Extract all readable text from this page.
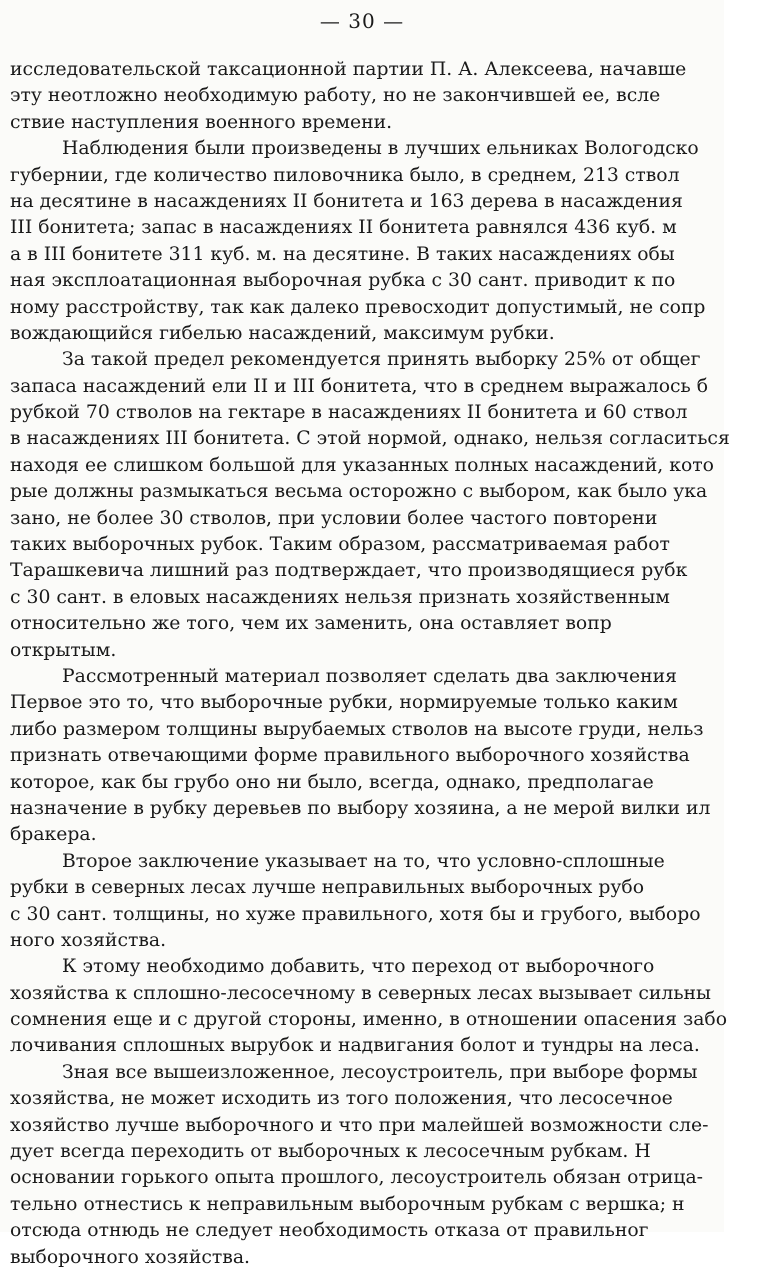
— 30 —
исследовательской таксационной партии П. А. Алексеева, начавше
эту неотложно необходимую работу, но не закончившей ее, всле
ствие наступления военного времени.
Наблюдения были произведены в лучших ельниках Вологодско
губернии, где количество пиловочника было, в среднем, 213 ствол
на десятине в насаждениях II бонитета и 163 дерева в насаждения
III бонитета; запас в насаждениях II бонитета равнялся 436 куб. м
а в III бонитете 311 куб. м. на десятине. В таких насаждениях обы
ная эксплоатационная выборочная рубка с 30 сант. приводит к по
ному расстройству, так как далеко превосходит допустимый, не сопр
вождающийся гибелью насаждений, максимум рубки.
За такой предел рекомендуется принять выборку 25% от общег
запаса насаждений ели II и III бонитета, что в среднем выражалось б
рубкой 70 стволов на гектаре в насаждениях II бонитета и 60 ствол
в насаждениях III бонитета. С этой нормой, однако, нельзя согласиться
находя ее слишком большой для указанных полных насаждений, кото
рые должны размыкаться весьма осторожно с выбором, как было ука
зано, не более 30 стволов, при условии более частого повторени
таких выборочных рубок. Таким образом, рассматриваемая работ
Тарашкевича лишний раз подтверждает, что производящиеся рубк
с 30 сант. в еловых насаждениях нельзя признать хозяйственным
относительно же того, чем их заменить, она оставляет вопр
открытым.
Рассмотренный материал позволяет сделать два заключения
Первое это то, что выборочные рубки, нормируемые только каким
либо размером толщины вырубаемых стволов на высоте груди, нельз
признать отвечающими форме правильного выборочного хозяйства
которое, как бы грубо оно ни было, всегда, однако, предполагае
назначение в рубку деревьев по выбору хозяина, а не мерой вилки ил
бракера.
Второе заключение указывает на то, что условно-сплошные
рубки в северных лесах лучше неправильных выборочных рубо
с 30 сант. толщины, но хуже правильного, хотя бы и грубого, выборо
ного хозяйства.
К этому необходимо добавить, что переход от выборочного
хозяйства к сплошно-лесосечному в северных лесах вызывает сильны
сомнения еще и с другой стороны, именно, в отношении опасения забо
лочивания сплошных вырубок и надвигания болот и тундры на леса.
Зная все вышеизложенное, лесоустроитель, при выборе формы
хозяйства, не может исходить из того положения, что лесосечное
хозяйство лучше выборочного и что при малейшей возможности сле-
дует всегда переходить от выборочных к лесосечным рубкам. Н
основании горького опыта прошлого, лесоустроитель обязан отрица-
тельно отнестись к неправильным выборочным рубкам с вершка; н
отсюда отнюдь не следует необходимость отказа от правильног
выборочного хозяйства.
